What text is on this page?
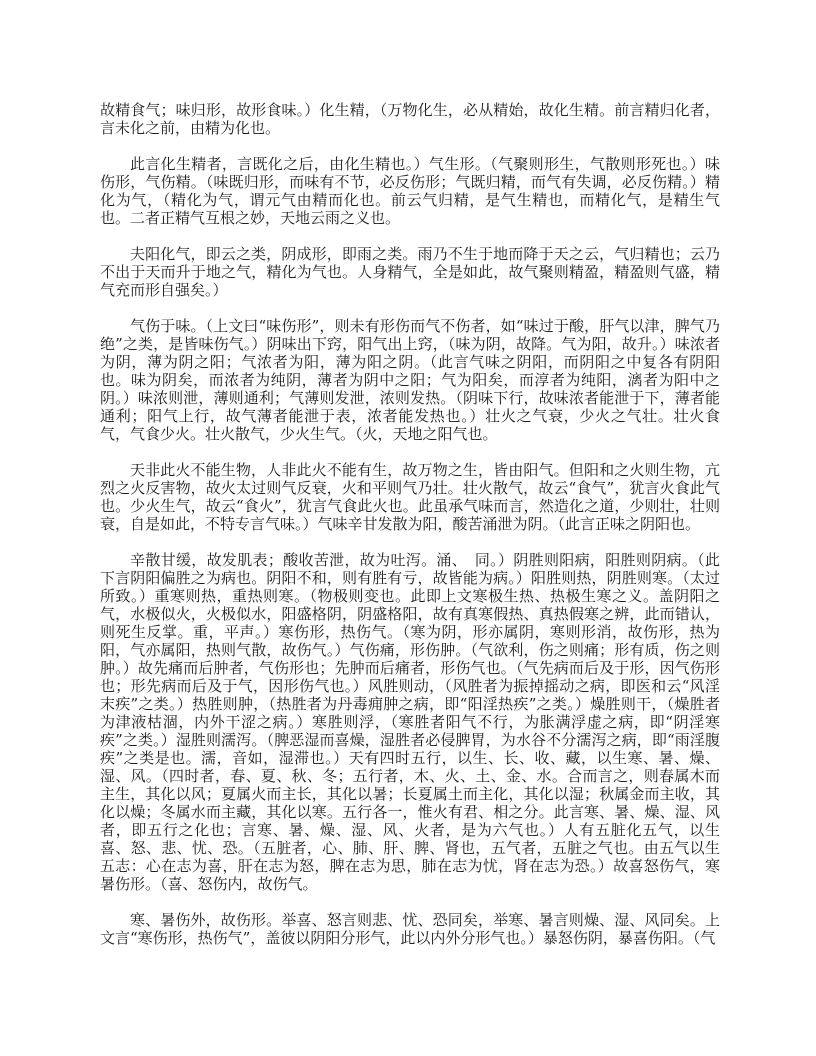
故精食气；味归形，故形食味。）化生精，（万物化生，必从精始，故化生精。前言精归化者，言未化之前，由精为化也。

此言化生精者，言既化之后，由化生精也。）气生形。（气聚则形生，气散则形死也。）味伤形，气伤精。（味既归形，而味有不节，必反伤形；气既归精，而气有失调，必反伤精。）精化为气，（精化为气，谓元气由精而化也。前云气归精，是气生精也，而精化气，是精生气也。二者正精气互根之妙，天地云雨之义也。

夫阳化气，即云之类，阴成形，即雨之类。雨乃不生于地而降于天之云，气归精也；云乃不出于天而升于地之气，精化为气也。人身精气，全是如此，故气聚则精盈，精盈则气盛，精气充而形自强矣。）

气伤于味。（上文曰“味伤形”，则未有形伤而气不伤者，如“味过于酸，肝气以津，脾气乃绝”之类，是皆味伤气。）阴味出下窍，阳气出上窍，（味为阴，故降。气为阳，故升。）味浓者为阴，薄为阴之阳；气浓者为阳，薄为阳之阴。（此言气味之阴阳，而阴阳之中复各有阴阳也。味为阴矣，而浓者为纯阴，薄者为阴中之阳；气为阳矣，而淳者为纯阳，漓者为阳中之阴。）味浓则泄，薄则通利；气薄则发泄，浓则发热。（阴味下行，故味浓者能泄于下，薄者能通利；阳气上行，故气薄者能泄于表，浓者能发热也。）壮火之气衰，少火之气壮。壮火食气，气食少火。壮火散气，少火生气。（火，天地之阳气也。

天非此火不能生物，人非此火不能有生，故万物之生，皆由阳气。但阳和之火则生物，亢烈之火反害物，故火太过则气反衰，火和平则气乃壮。壮火散气，故云“食气”，犹言火食此气也。少火生气，故云“食火”，犹言气食此火也。此虽承气味而言，然造化之道，少则壮，壮则衰，自是如此，不特专言气味。）气味辛甘发散为阳，酸苦涌泄为阴。（此言正味之阴阳也。

辛散甘缓，故发肌表；酸收苦泄，故为吐泻。涌、　同。）阴胜则阳病，阳胜则阴病。（此下言阴阳偏胜之为病也。阴阳不和，则有胜有亏，故皆能为病。）阳胜则热，阴胜则寒。（太过所致。）重寒则热，重热则寒。（物极则变也。此即上文寒极生热、热极生寒之义。盖阴阳之气，水极似火，火极似水，阳盛格阴，阴盛格阳，故有真寒假热、真热假寒之辨，此而错认，则死生反掌。重，平声。）寒伤形，热伤气。（寒为阴，形亦属阴，寒则形消，故伤形，热为阳，气亦属阳，热则气散，故伤气。）气伤痛，形伤肿。（气欲利，伤之则痛；形有质，伤之则肿。）故先痛而后肿者，气伤形也；先肿而后痛者，形伤气也。（气先病而后及于形，因气伤形也；形先病而后及于气，因形伤气也。）风胜则动，（风胜者为振掉摇动之病，即医和云“风淫末疾”之类。）热胜则肿，（热胜者为丹毒痈肿之病，即“阳淫热疾”之类。）燥胜则干，（燥胜者为津液枯涸，内外干涩之病。）寒胜则浮，（寒胜者阳气不行，为胀满浮虚之病，即“阴淫寒疾”之类。）湿胜则濡泻。（脾恶湿而喜燥，湿胜者必侵脾胃，为水谷不分濡泻之病，即“雨淫腹疾”之类是也。濡，音如，湿滞也。）天有四时五行，以生、长、收、藏，以生寒、暑、燥、湿、风。（四时者，春、夏、秋、冬；五行者，木、火、土、金、水。合而言之，则春属木而主生，其化以风；夏属火而主长，其化以暑；长夏属土而主化，其化以湿；秋属金而主收，其化以燥；冬属水而主藏，其化以寒。五行各一，惟火有君、相之分。此言寒、暑、燥、湿、风者，即五行之化也；言寒、暑、燥、湿、风、火者，是为六气也。）人有五脏化五气，以生喜、怒、悲、忧、恐。（五脏者，心、肺、肝、脾、肾也，五气者，五脏之气也。由五气以生五志：心在志为喜，肝在志为怒，脾在志为思，肺在志为忧，肾在志为恐。）故喜怒伤气，寒暑伤形。（喜、怒伤内，故伤气。

寒、暑伤外，故伤形。举喜、怒言则悲、忧、恐同矣，举寒、暑言则燥、湿、风同矣。上文言“寒伤形，热伤气”，盖彼以阴阳分形气，此以内外分形气也。）暴怒伤阴，暴喜伤阳。（气
